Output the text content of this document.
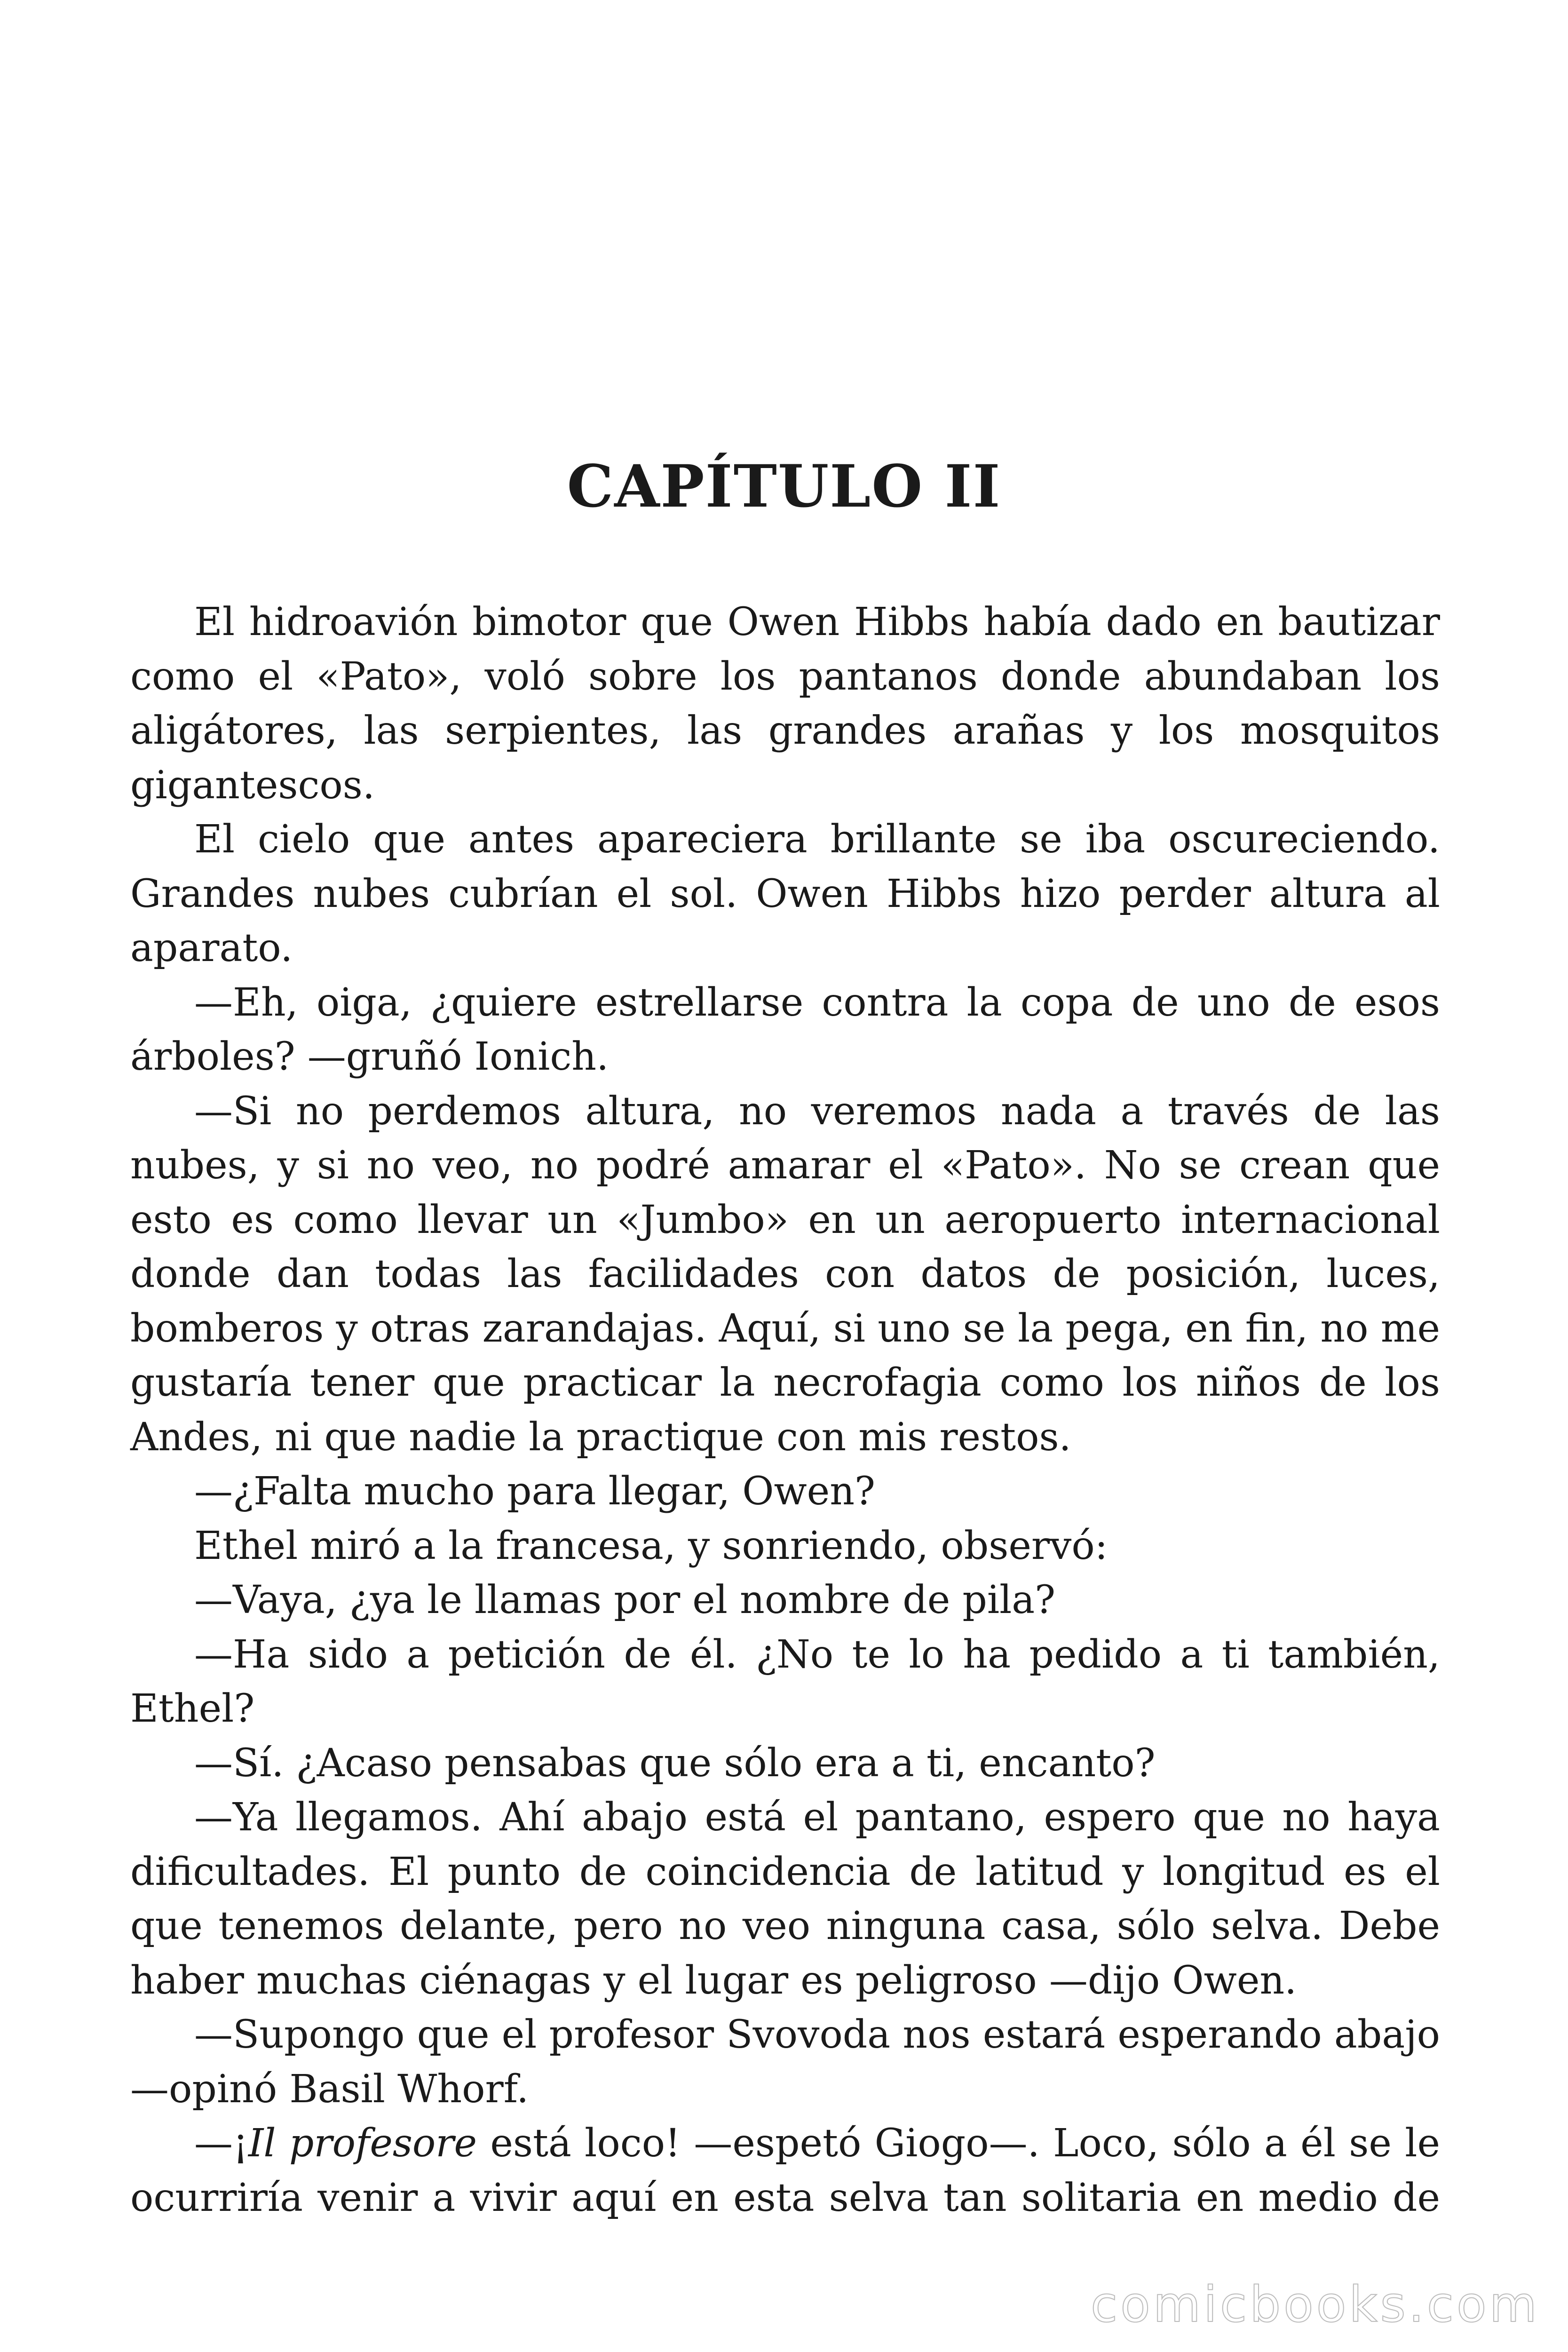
CAPÍTULO II

El hidroavión bimotor que Owen Hibbs había dado en bautizar como el «Pato», voló sobre los pantanos donde abundaban los aligátores, las serpientes, las grandes arañas y los mosquitos gigantescos.

El cielo que antes apareciera brillante se iba oscureciendo. Grandes nubes cubrían el sol. Owen Hibbs hizo perder altura al aparato.

—Eh, oiga, ¿quiere estrellarse contra la copa de uno de esos árboles? —gruñó Ionich.

—Si no perdemos altura, no veremos nada a través de las nubes, y si no veo, no podré amarar el «Pato». No se crean que esto es como llevar un «Jumbo» en un aeropuerto internacional donde dan todas las facilidades con datos de posición, luces, bomberos y otras zarandajas. Aquí, si uno se la pega, en fin, no me gustaría tener que practicar la necrofagia como los niños de los Andes, ni que nadie la practique con mis restos.

—¿Falta mucho para llegar, Owen?

Ethel miró a la francesa, y sonriendo, observó:

—Vaya, ¿ya le llamas por el nombre de pila?

—Ha sido a petición de él. ¿No te lo ha pedido a ti también, Ethel?

—Sí. ¿Acaso pensabas que sólo era a ti, encanto?

—Ya llegamos. Ahí abajo está el pantano, espero que no haya dificultades. El punto de coincidencia de latitud y longitud es el que tenemos delante, pero no veo ninguna casa, sólo selva. Debe haber muchas ciénagas y el lugar es peligroso —dijo Owen.

—Supongo que el profesor Svovoda nos estará esperando abajo —opinó Basil Whorf.

—¡Il profesore está loco! —espetó Giogo—. Loco, sólo a él se le ocurriría venir a vivir aquí en esta selva tan solitaria en medio de

comicbooks.com
